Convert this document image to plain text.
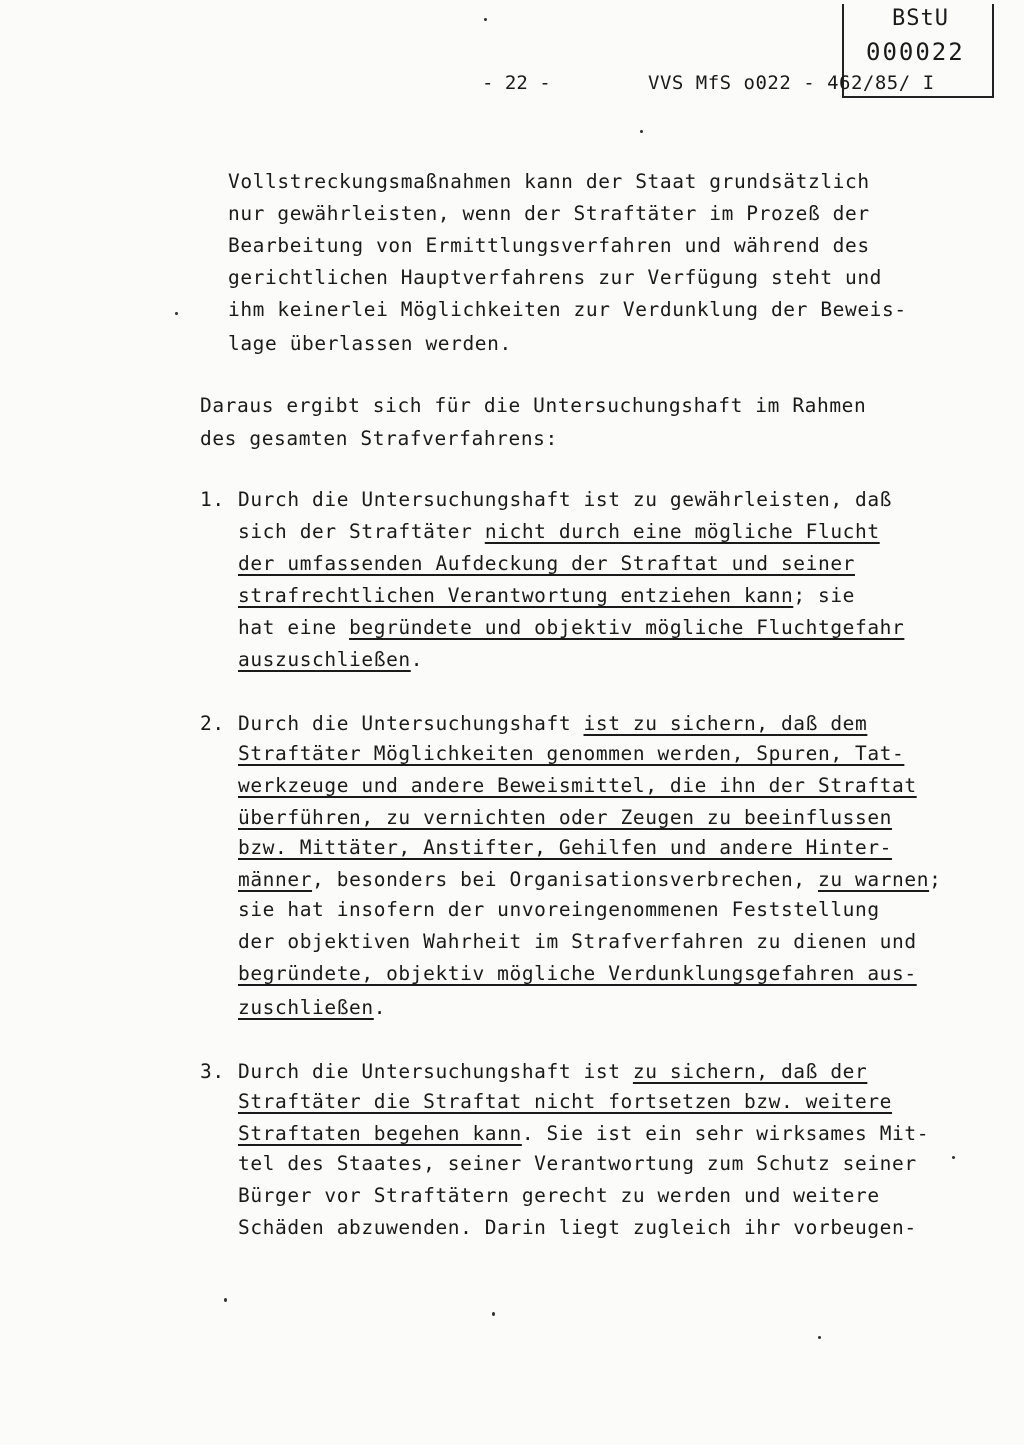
BStU
000022
- 22 -	VVS MfS o022 - 462/85/ I
Vollstreckungsmaßnahmen kann der Staat grundsätzlich
nur gewährleisten, wenn der Straftäter im Prozeß der
Bearbeitung von Ermittlungsverfahren und während des
gerichtlichen Hauptverfahrens zur Verfügung steht und
ihm keinerlei Möglichkeiten zur Verdunklung der Beweis-
lage überlassen werden.
Daraus ergibt sich für die Untersuchungshaft im Rahmen
des gesamten Strafverfahrens:
1. Durch die Untersuchungshaft ist zu gewährleisten, daß
sich der Straftäter nicht durch eine mögliche Flucht
der umfassenden Aufdeckung der Straftat und seiner
strafrechtlichen Verantwortung entziehen kann; sie
hat eine begründete und objektiv mögliche Fluchtgefahr
auszuschließen.
2. Durch die Untersuchungshaft ist zu sichern, daß dem
Straftäter Möglichkeiten genommen werden, Spuren, Tat-
werkzeuge und andere Beweismittel, die ihn der Straftat
überführen, zu vernichten oder Zeugen zu beeinflussen
bzw. Mittäter, Anstifter, Gehilfen und andere Hinter-
männer, besonders bei Organisationsverbrechen, zu warnen;
sie hat insofern der unvoreingenommenen Feststellung
der objektiven Wahrheit im Strafverfahren zu dienen und
begründete, objektiv mögliche Verdunklungsgefahren aus-
zuschließen.
3. Durch die Untersuchungshaft ist zu sichern, daß der
Straftäter die Straftat nicht fortsetzen bzw. weitere
Straftaten begehen kann. Sie ist ein sehr wirksames Mit-
tel des Staates, seiner Verantwortung zum Schutz seiner
Bürger vor Straftätern gerecht zu werden und weitere
Schäden abzuwenden. Darin liegt zugleich ihr vorbeugen-
